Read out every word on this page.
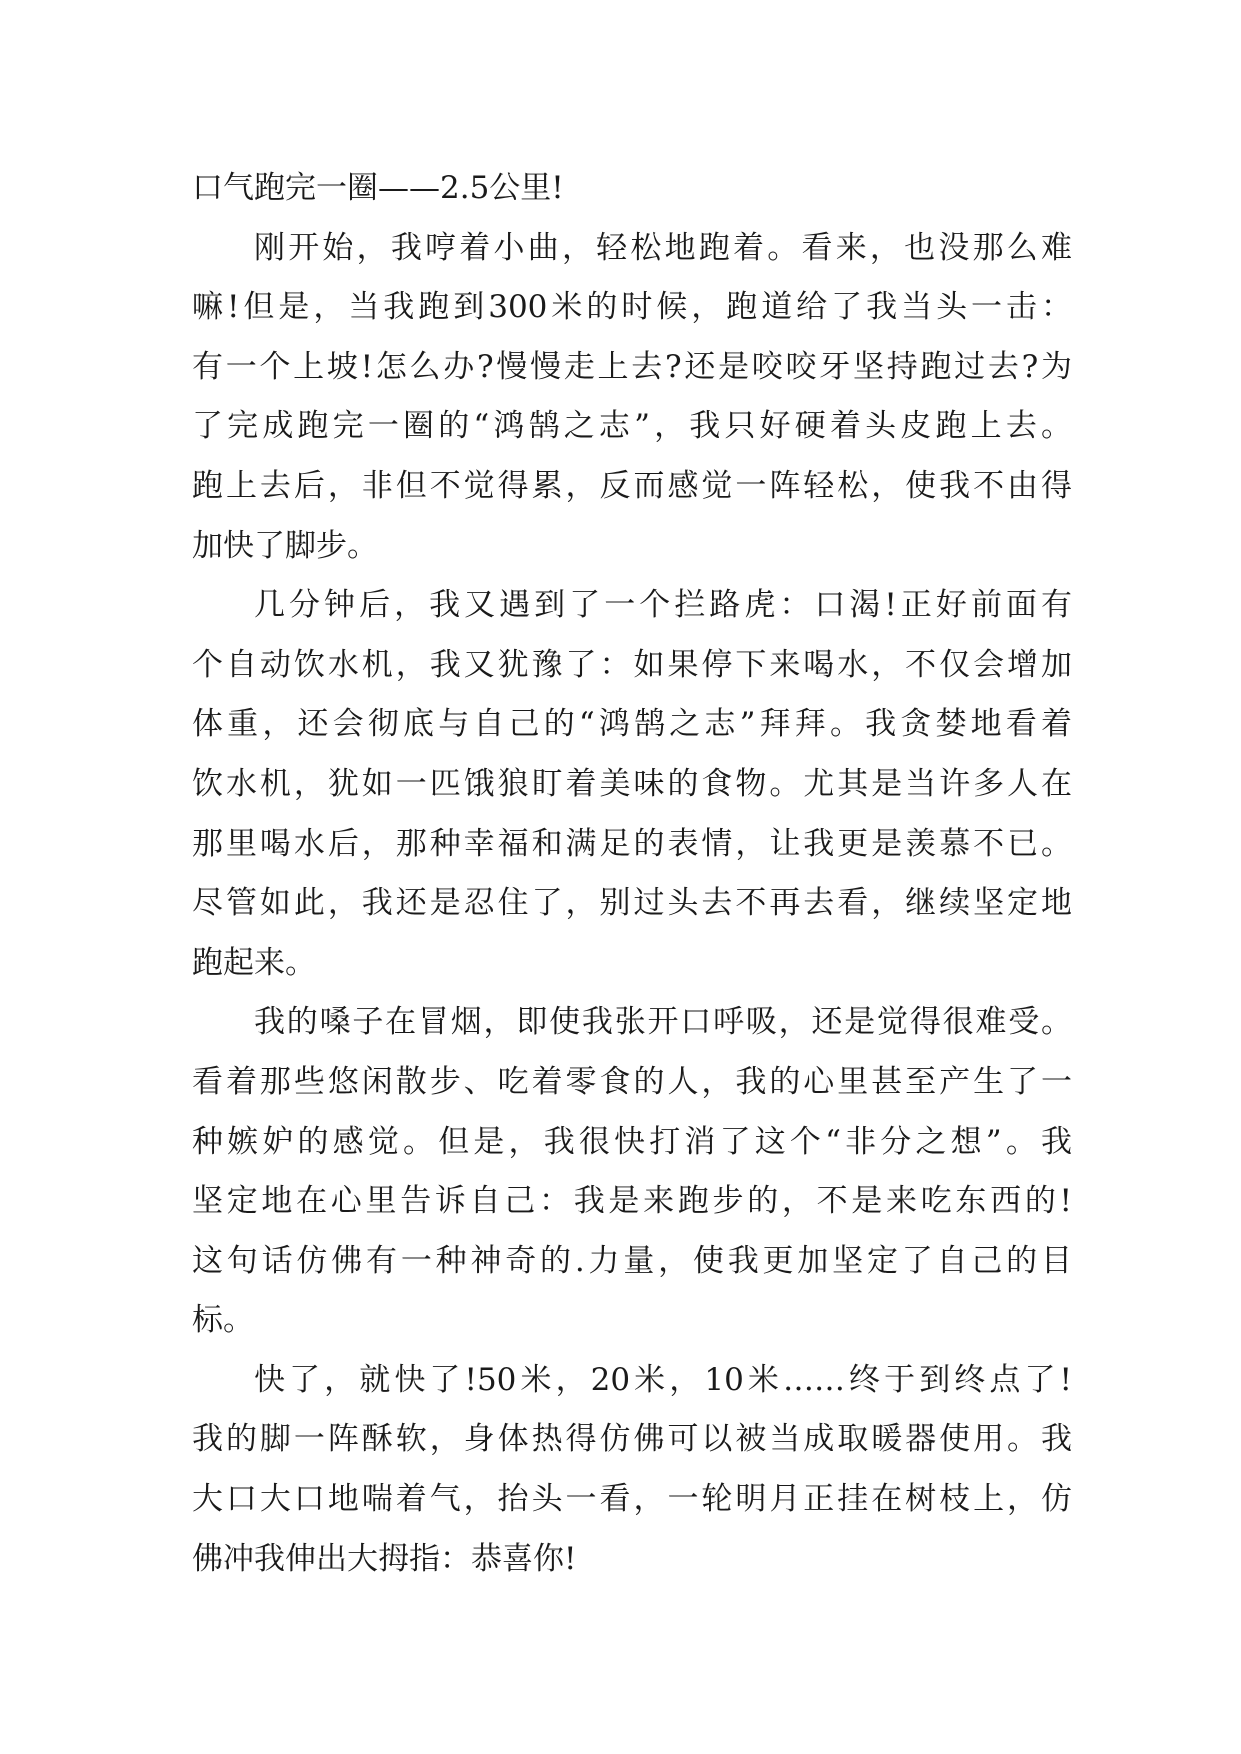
口气跑完一圈——2.5公里!
刚开始，我哼着小曲，轻松地跑着。看来，也没那么难
嘛!但是，当我跑到300米的时候，跑道给了我当头一击：
有一个上坡!怎么办?慢慢走上去?还是咬咬牙坚持跑过去?为
了完成跑完一圈的“鸿鹄之志”，我只好硬着头皮跑上去。
跑上去后，非但不觉得累，反而感觉一阵轻松，使我不由得
加快了脚步。
几分钟后，我又遇到了一个拦路虎：口渴!正好前面有
个自动饮水机，我又犹豫了：如果停下来喝水，不仅会增加
体重，还会彻底与自己的“鸿鹄之志”拜拜。我贪婪地看着
饮水机，犹如一匹饿狼盯着美味的食物。尤其是当许多人在
那里喝水后，那种幸福和满足的表情，让我更是羡慕不已。
尽管如此，我还是忍住了，别过头去不再去看，继续坚定地
跑起来。
我的嗓子在冒烟，即使我张开口呼吸，还是觉得很难受。
看着那些悠闲散步、吃着零食的人，我的心里甚至产生了一
种嫉妒的感觉。但是，我很快打消了这个“非分之想”。我
坚定地在心里告诉自己：我是来跑步的，不是来吃东西的!
这句话仿佛有一种神奇的.力量，使我更加坚定了自己的目
标。
快了，就快了!50米，20米，10米……终于到终点了!
我的脚一阵酥软，身体热得仿佛可以被当成取暖器使用。我
大口大口地喘着气，抬头一看，一轮明月正挂在树枝上，仿
佛冲我伸出大拇指：恭喜你!
